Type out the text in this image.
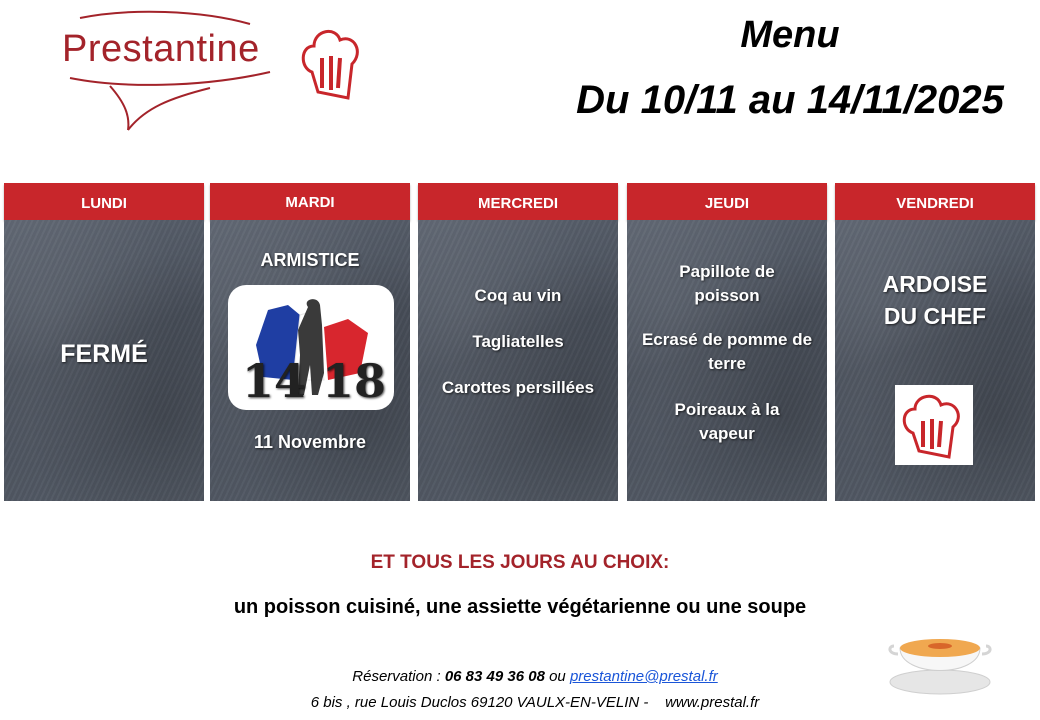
Prestantine	Menu
Du 10/11 au 14/11/2025
LUNDI
FERMÉ
MARDI
ARMISTICE
14 18
11 Novembre
MERCREDI
Coq au vin
Tagliatelles
Carottes persillées
JEUDI
Papillote de poisson
Ecrasé de pomme de terre
Poireaux à la vapeur
VENDREDI
ARDOISE DU CHEF
ET TOUS LES JOURS AU CHOIX:
un poisson cuisiné, une assiette végétarienne ou une soupe
Réservation : 06 83 49 36 08 ou prestantine@prestal.fr
6 bis , rue Louis Duclos 69120 VAULX-EN-VELIN - www.prestal.fr
